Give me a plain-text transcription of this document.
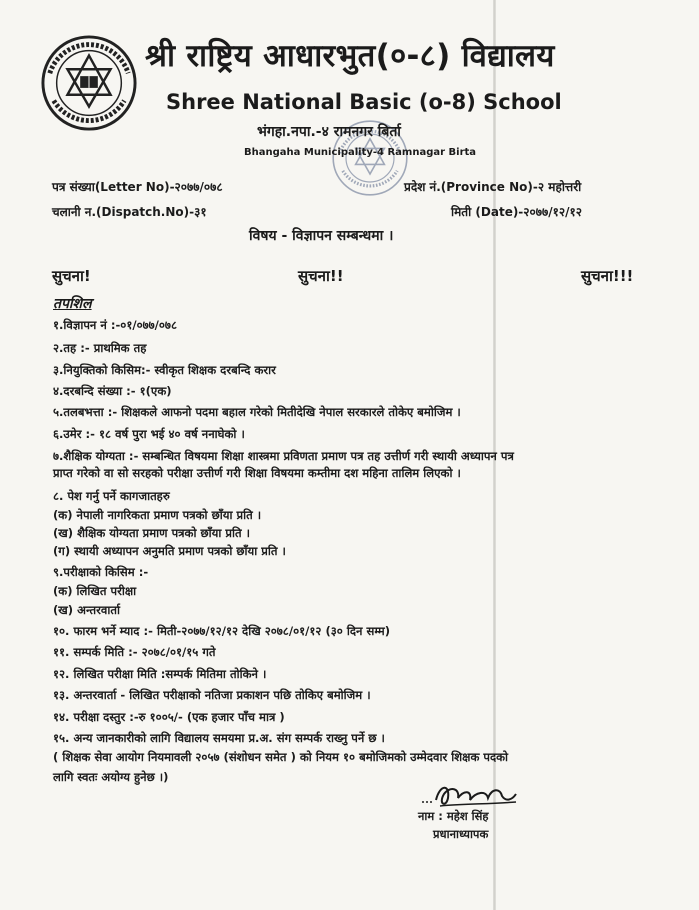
श्री राष्ट्रिय आधारभुत(०-८) विद्यालय
Shree National Basic (o-8) School
भंगहा.नपा.-४ रामनगर बिर्ता
Bhangaha Municipality-4 Ramnagar Birta
पत्र संख्या(Letter No)-२०७७/०७८
चलानी न.(Dispatch.No)-३१
प्रदेश नं.(Province No)-२ महोत्तरी
मिती (Date)-२०७७/१२/१२
विषय - विज्ञापन सम्बन्धमा ।
सुचना!	सुचना!!	सुचना!!!
तपशिल
१.विज्ञापन नं :-०१/०७७/०७८
२.तह :- प्राथमिक तह
३.नियुक्तिको किसिम:- स्वीकृत शिक्षक दरबन्दि करार
४.दरबन्दि संख्या :- १(एक)
५.तलबभत्ता :- शिक्षकले आफनो पदमा बहाल गरेको मितीदेखि नेपाल सरकारले तोकेए बमोजिम ।
६.उमेर :- १८ वर्ष पुरा भई ४० वर्ष ननाघेको ।
७.शैक्षिक योग्यता :- सम्बन्धित विषयमा शिक्षा शास्त्रमा प्रविणता प्रमाण पत्र तह उत्तीर्ण गरी स्थायी अध्यापन पत्र
प्राप्त गरेको वा सो सरहको परीक्षा उत्तीर्ण गरी शिक्षा विषयमा कम्तीमा दश महिना तालिम लिएको ।
८. पेश गर्नु पर्ने कागजातहरु
(क) नेपाली नागरिकता प्रमाण पत्रको छाँया प्रति ।
(ख) शैक्षिक योग्यता प्रमाण पत्रको छाँया प्रति ।
(ग) स्थायी अध्यापन अनुमति प्रमाण पत्रको छाँया प्रति ।
९.परीक्षाको किसिम :-
(क) लिखित परीक्षा
(ख) अन्तरवार्ता
१०. फारम भर्ने म्याद :- मिती-२०७७/१२/१२ देखि २०७८/०१/१२ (३० दिन सम्म)
११. सम्पर्क मिति :- २०७८/०१/१५ गते
१२. लिखित परीक्षा मिति :सम्पर्क मितिमा तोकिने ।
१३. अन्तरवार्ता - लिखित परीक्षाको नतिजा प्रकाशन पछि तोकिए बमोजिम ।
१४. परीक्षा दस्तुर :-रु १००५/- (एक हजार पाँच मात्र )
१५. अन्य जानकारीको लागि विद्यालय समयमा प्र.अ. संग सम्पर्क राख्नु पर्ने छ ।
( शिक्षक सेवा आयोग नियमावली २०५७ (संशोधन समेत ) को नियम १० बमोजिमको उम्मेदवार शिक्षक पदको
लागि स्वतः अयोग्य हुनेछ ।)
नाम : महेश सिंह
प्रधानाध्यापक
